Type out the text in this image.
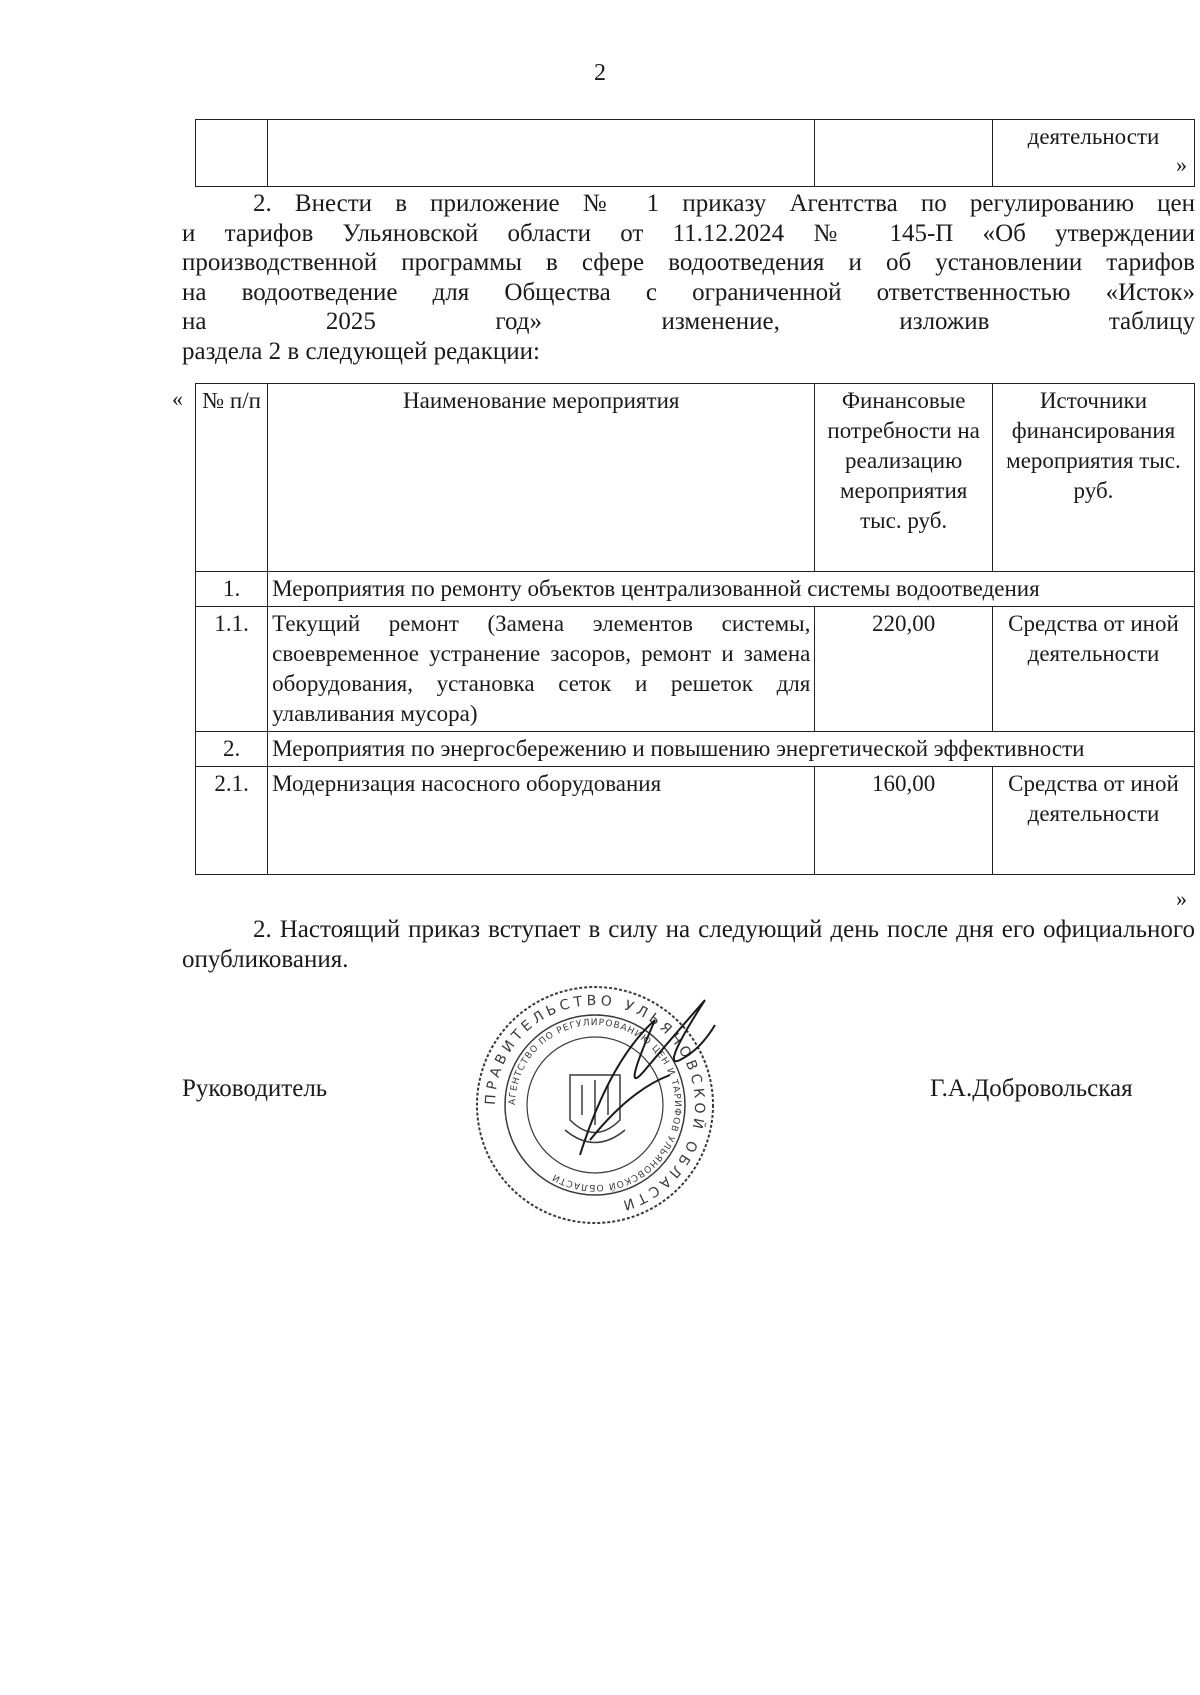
2
			деятельности
»
2. Внести в приложение № 1 приказу Агентства по регулированию цен
и тарифов Ульяновской области от 11.12.2024 № 145-П «Об утверждении
производственной программы в сфере водоотведения и об установлении тарифов
на водоотведение для Общества с ограниченной ответственностью «Исток»
на 2025 год» изменение, изложив таблицу
раздела 2 в следующей редакции:
« № п/п	Наименование мероприятия	Финансовые потребности на реализацию мероприятия тыс. руб.	Источники финансирования мероприятия тыс. руб.
1.	Мероприятия по ремонту объектов централизованной системы водоотведения		
1.1.	Текущий ремонт (Замена элементов системы, своевременное устранение засоров, ремонт и замена оборудования, установка сеток и решеток для улавливания мусора)	220,00	Средства от иной деятельности
2.	Мероприятия по энергосбережению и повышению энергетической эффективности		
2.1.	Модернизация насосного оборудования	160,00	Средства от иной деятельности
»
2. Настоящий приказ вступает в силу на следующий день после дня его официального опубликования.
Руководитель	Г.А.Добровольская
ПРАВИТЕЛЬСТВО УЛЬЯНОВСКОЙ ОБЛАСТИ
АГЕНТСТВО ПО РЕГУЛИРОВАНИЮ ЦЕН И ТАРИФОВ УЛЬЯНОВСКОЙ ОБЛАСТИ
